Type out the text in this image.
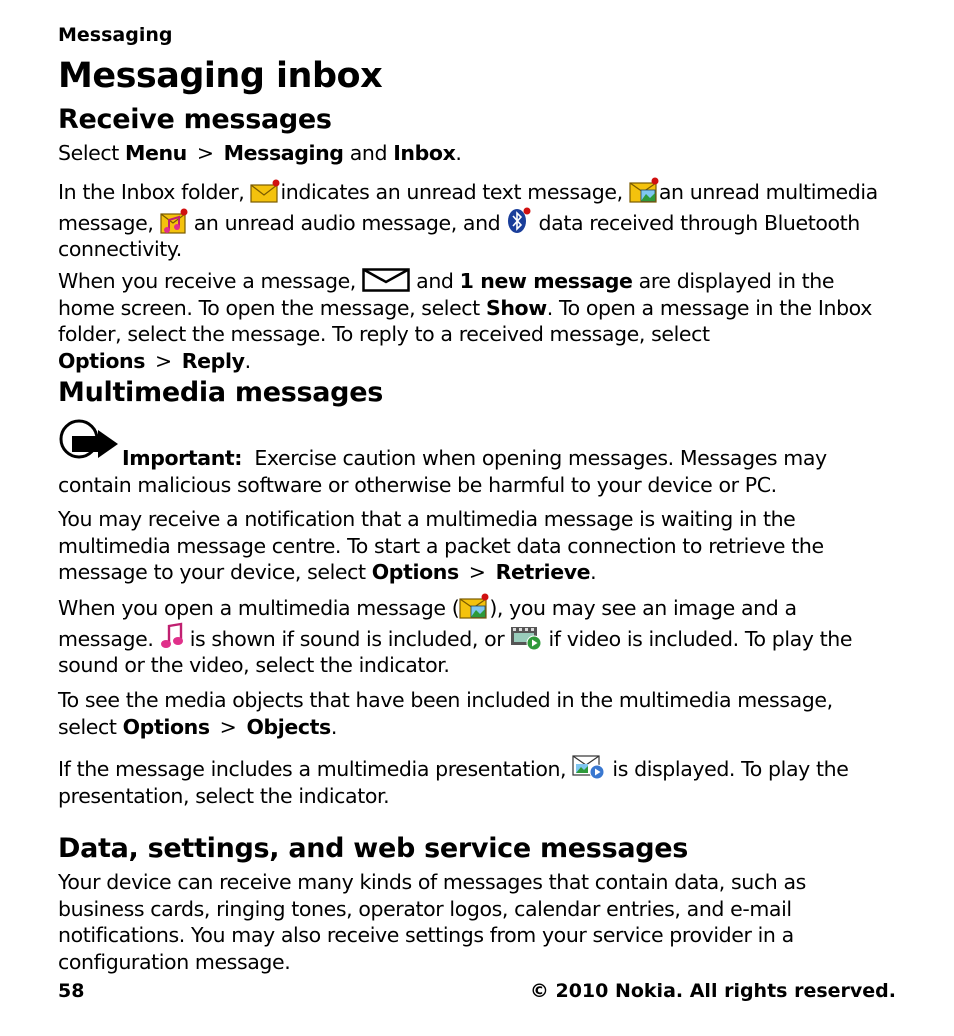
Messaging
Messaging inbox
Receive messages

Select Menu > Messaging and Inbox.

In the Inbox folder, indicates an unread text message, an unread multimedia message, an unread audio message, and data received through Bluetooth connectivity.

When you receive a message,	and 1 new message are displayed in the home screen. To open the message, select Show. To open a message in the Inbox folder, select the message. To reply to a received message, select Options > Reply.

Multimedia messages

Important: Exercise caution when opening messages. Messages may contain malicious software or otherwise be harmful to your device or PC.

You may receive a notification that a multimedia message is waiting in the multimedia message centre. To start a packet data connection to retrieve the message to your device, select Options > Retrieve.

When you open a multimedia message ( ), you may see an image and a message. is shown if sound is included, or if video is included. To play the sound or the video, select the indicator.

To see the media objects that have been included in the multimedia message, select Options > Objects.

If the message includes a multimedia presentation, is displayed. To play the presentation, select the indicator.

Data, settings, and web service messages

Your device can receive many kinds of messages that contain data, such as business cards, ringing tones, operator logos, calendar entries, and e-mail notifications. You may also receive settings from your service provider in a configuration message.

58	© 2010 Nokia. All rights reserved.
